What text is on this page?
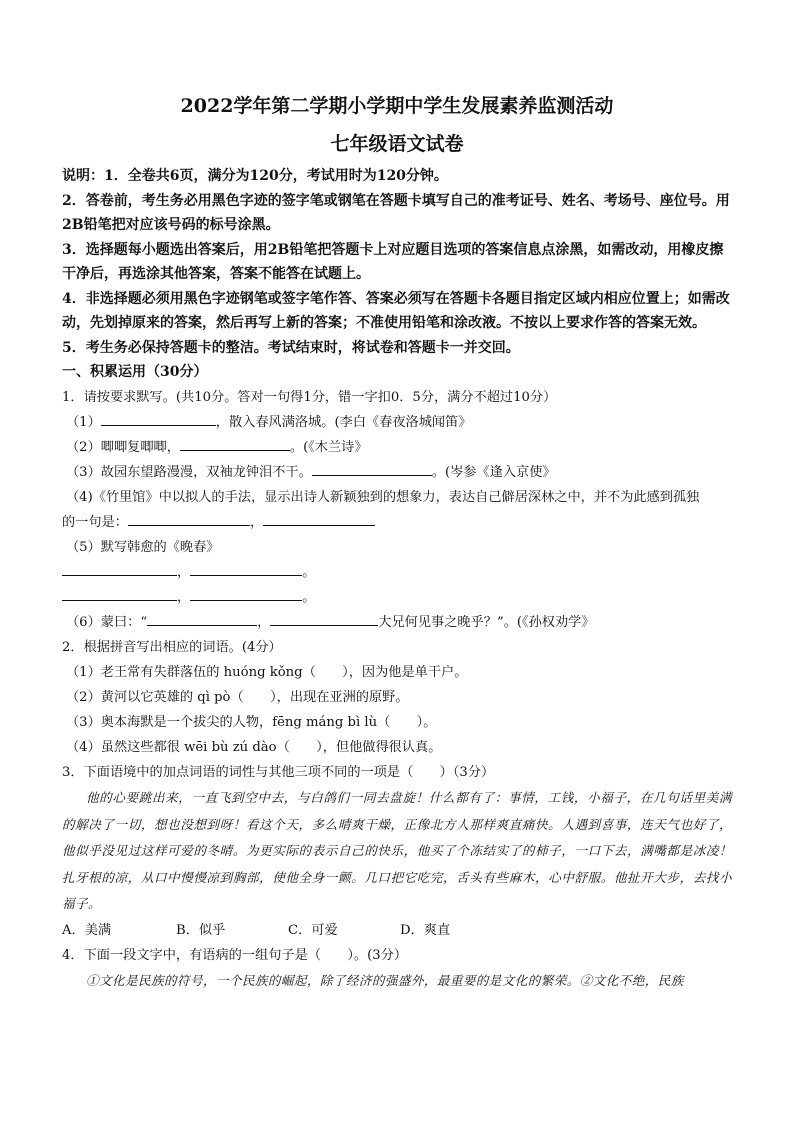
2022学年第二学期小学期中学生发展素养监测活动

七年级语文试卷

说明：1．全卷共6页，满分为120分，考试用时为120分钟。

2．答卷前，考生务必用黑色字迹的签字笔或钢笔在答题卡填写自己的准考证号、姓名、考场号、座位号。用2B铅笔把对应该号码的标号涂黑。

3．选择题每小题选出答案后，用2B铅笔把答题卡上对应题目选项的答案信息点涂黑，如需改动，用橡皮擦干净后，再选涂其他答案，答案不能答在试题上。

4．非选择题必须用黑色字迹钢笔或签字笔作答、答案必须写在答题卡各题目指定区域内相应位置上；如需改动，先划掉原来的答案，然后再写上新的答案；不准使用铅笔和涂改液。不按以上要求作答的答案无效。

5．考生务必保持答题卡的整洁。考试结束时，将试卷和答题卡一并交回。

一、积累运用（30分）

1．请按要求默写。(共10分。答对一句得1分，错一字扣0．5分，满分不超过10分）

（1）	，散入春风满洛城。(李白《春夜洛城闻笛》

（2）唧唧复唧唧，	。(《木兰诗》

（3）故园东望路漫漫，双袖龙钟泪不干。	。(岑参《逢入京使》

（4)《竹里馆》中以拟人的手法，显示出诗人新颖独到的想象力，表达自己僻居深林之中，并不为此感到孤独

的一句是：	，

（5）默写韩愈的《晚春》

，	。

，	。

（6）蒙曰：“	，	大兄何见事之晚乎？”。(《孙权劝学》

2．根据拼音写出相应的词语。(4分）

（1）老王常有失群落伍的 huóng kǒng（　　），因为他是单干户。

（2）黄河以它英雄的 qì pò（　　），出现在亚洲的原野。

（3）奥本海默是一个拔尖的人物，fēng máng bì lù（　　）。

（4）虽然这些都很 wēi bù zú dào（　　），但他做得很认真。

3．下面语境中的加点词语的词性与其他三项不同的一项是（　　）（3分）

他的心要跳出来，一直飞到空中去，与白鸽们一同去盘旋！什么都有了：事情，工钱，小福子，在几句话里美满的解决了一切，想也没想到呀！看这个天，多么晴爽干燥，正像北方人那样爽直痛快。人遇到喜事，连天气也好了，他似乎没见过这样可爱的冬晴。为更实际的表示自己的快乐，他买了个冻结实了的柿子，一口下去，满嘴都是冰凌！扎牙根的凉，从口中慢慢凉到胸部，使他全身一颤。几口把它吃完，舌头有些麻木，心中舒服。他扯开大步，去找小福子。

A．美满	B．似乎	C．可爱	D．爽直

4．下面一段文字中，有语病的一组句子是（　　）。(3分）

①文化是民族的符号，一个民族的崛起，除了经济的强盛外，最重要的是文化的繁荣。②文化不绝，民族
